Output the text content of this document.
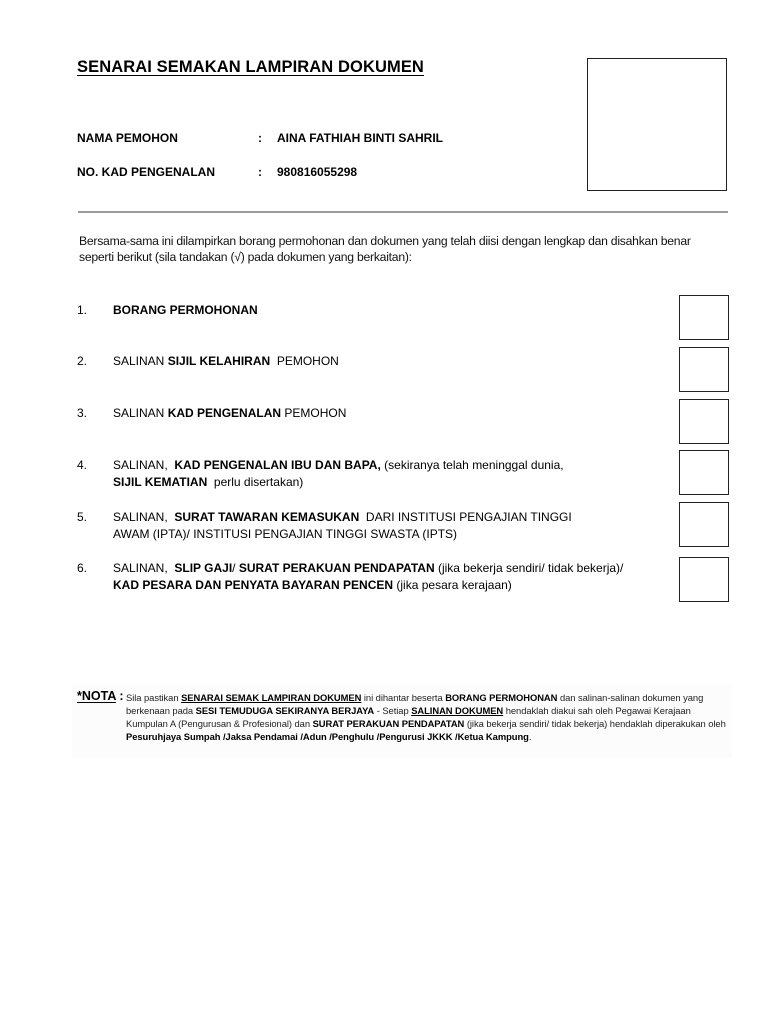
SENARAI SEMAKAN LAMPIRAN DOKUMEN
NAMA PEMOHON	: AINA FATHIAH BINTI SAHRIL
NO. KAD PENGENALAN	: 980816055298
Bersama-sama ini dilampirkan borang permohonan dan dokumen yang telah diisi dengan lengkap dan disahkan benar
seperti berikut (sila tandakan (√) pada dokumen yang berkaitan):
1. BORANG PERMOHONAN
2. SALINAN SIJIL KELAHIRAN  PEMOHON
3. SALINAN KAD PENGENALAN PEMOHON
4. SALINAN,  KAD PENGENALAN IBU DAN BAPA, (sekiranya telah meninggal dunia,
SIJIL KEMATIAN  perlu disertakan)
5. SALINAN,  SURAT TAWARAN KEMASUKAN  DARI INSTITUSI PENGAJIAN TINGGI
AWAM (IPTA)/ INSTITUSI PENGAJIAN TINGGI SWASTA (IPTS)
6. SALINAN,  SLIP GAJI/ SURAT PERAKUAN PENDAPATAN (jika bekerja sendiri/ tidak bekerja)/
KAD PESARA DAN PENYATA BAYARAN PENCEN (jika pesara kerajaan)
*NOTA : Sila pastikan SENARAI SEMAK LAMPIRAN DOKUMEN ini dihantar beserta BORANG PERMOHONAN dan salinan-salinan dokumen yang berkenaan pada SESI TEMUDUGA SEKIRANYA BERJAYA - Setiap SALINAN DOKUMEN hendaklah diakui sah oleh Pegawai Kerajaan Kumpulan A (Pengurusan & Profesional) dan SURAT PERAKUAN PENDAPATAN (jika bekerja sendiri/ tidak bekerja) hendaklah diperakukan oleh Pesuruhjaya Sumpah /Jaksa Pendamai /Adun /Penghulu /Pengurusi JKKK /Ketua Kampung.
